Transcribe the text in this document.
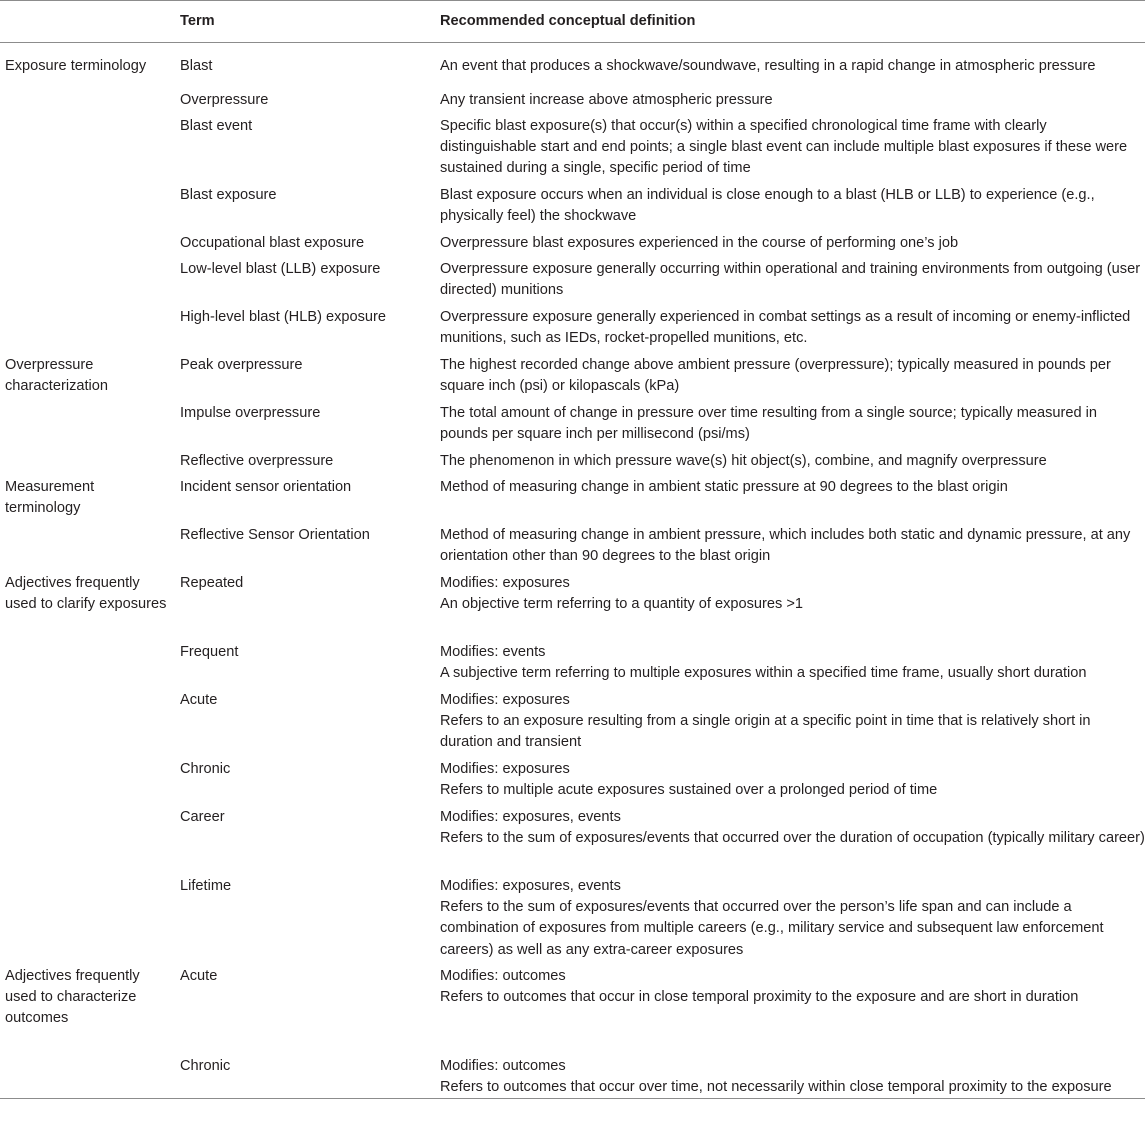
	Term	Recommended conceptual definition
Exposure terminology	Blast	An event that produces a shockwave/soundwave, resulting in a rapid change in atmospheric pressure
	Overpressure	Any transient increase above atmospheric pressure
	Blast event	Specific blast exposure(s) that occur(s) within a specified chronological time frame with clearly distinguishable start and end points; a single blast event can include multiple blast exposures if these were sustained during a single, specific period of time
	Blast exposure	Blast exposure occurs when an individual is close enough to a blast (HLB or LLB) to experience (e.g., physically feel) the shockwave
	Occupational blast exposure	Overpressure blast exposures experienced in the course of performing one’s job
	Low-level blast (LLB) exposure	Overpressure exposure generally occurring within operational and training environments from outgoing (user directed) munitions
	High-level blast (HLB) exposure	Overpressure exposure generally experienced in combat settings as a result of incoming or enemy-inflicted munitions, such as IEDs, rocket-propelled munitions, etc.
Overpressure characterization	Peak overpressure	The highest recorded change above ambient pressure (overpressure); typically measured in pounds per square inch (psi) or kilopascals (kPa)
	Impulse overpressure	The total amount of change in pressure over time resulting from a single source; typically measured in pounds per square inch per millisecond (psi/ms)
	Reflective overpressure	The phenomenon in which pressure wave(s) hit object(s), combine, and magnify overpressure
Measurement terminology	Incident sensor orientation	Method of measuring change in ambient static pressure at 90 degrees to the blast origin
	Reflective Sensor Orientation	Method of measuring change in ambient pressure, which includes both static and dynamic pressure, at any orientation other than 90 degrees to the blast origin
Adjectives frequently used to clarify exposures	Repeated	Modifies: exposures
An objective term referring to a quantity of exposures >1
	Frequent	Modifies: events
A subjective term referring to multiple exposures within a specified time frame, usually short duration
	Acute	Modifies: exposures
Refers to an exposure resulting from a single origin at a specific point in time that is relatively short in duration and transient
	Chronic	Modifies: exposures
Refers to multiple acute exposures sustained over a prolonged period of time
	Career	Modifies: exposures, events
Refers to the sum of exposures/events that occurred over the duration of occupation (typically military career)
	Lifetime	Modifies: exposures, events
Refers to the sum of exposures/events that occurred over the person’s life span and can include a combination of exposures from multiple careers (e.g., military service and subsequent law enforcement careers) as well as any extra-career exposures
Adjectives frequently used to characterize outcomes	Acute	Modifies: outcomes
Refers to outcomes that occur in close temporal proximity to the exposure and are short in duration
	Chronic	Modifies: outcomes
Refers to outcomes that occur over time, not necessarily within close temporal proximity to the exposure
